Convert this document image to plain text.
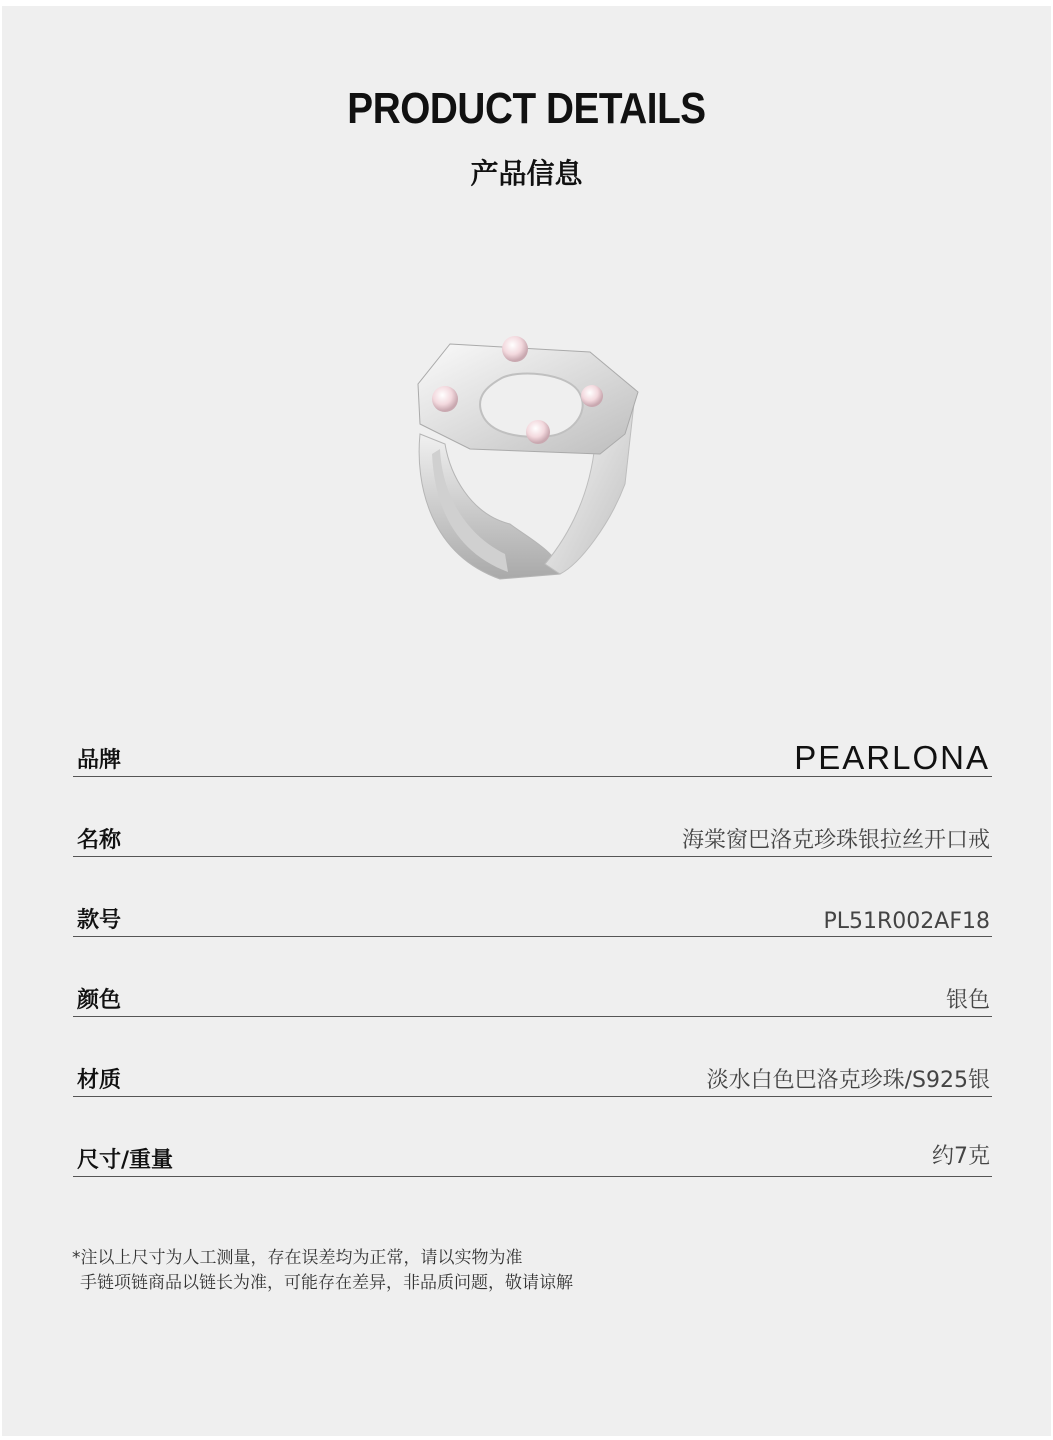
PRODUCT DETAILS
产品信息
品牌	PEARLONA
名称	海棠窗巴洛克珍珠银拉丝开口戒
款号	PL51R002AF18
颜色	银色
材质	淡水白色巴洛克珍珠/S925银
尺寸/重量	约7克
*注以上尺寸为人工测量，存在误差均为正常，请以实物为准
手链项链商品以链长为准，可能存在差异，非品质问题，敬请谅解
